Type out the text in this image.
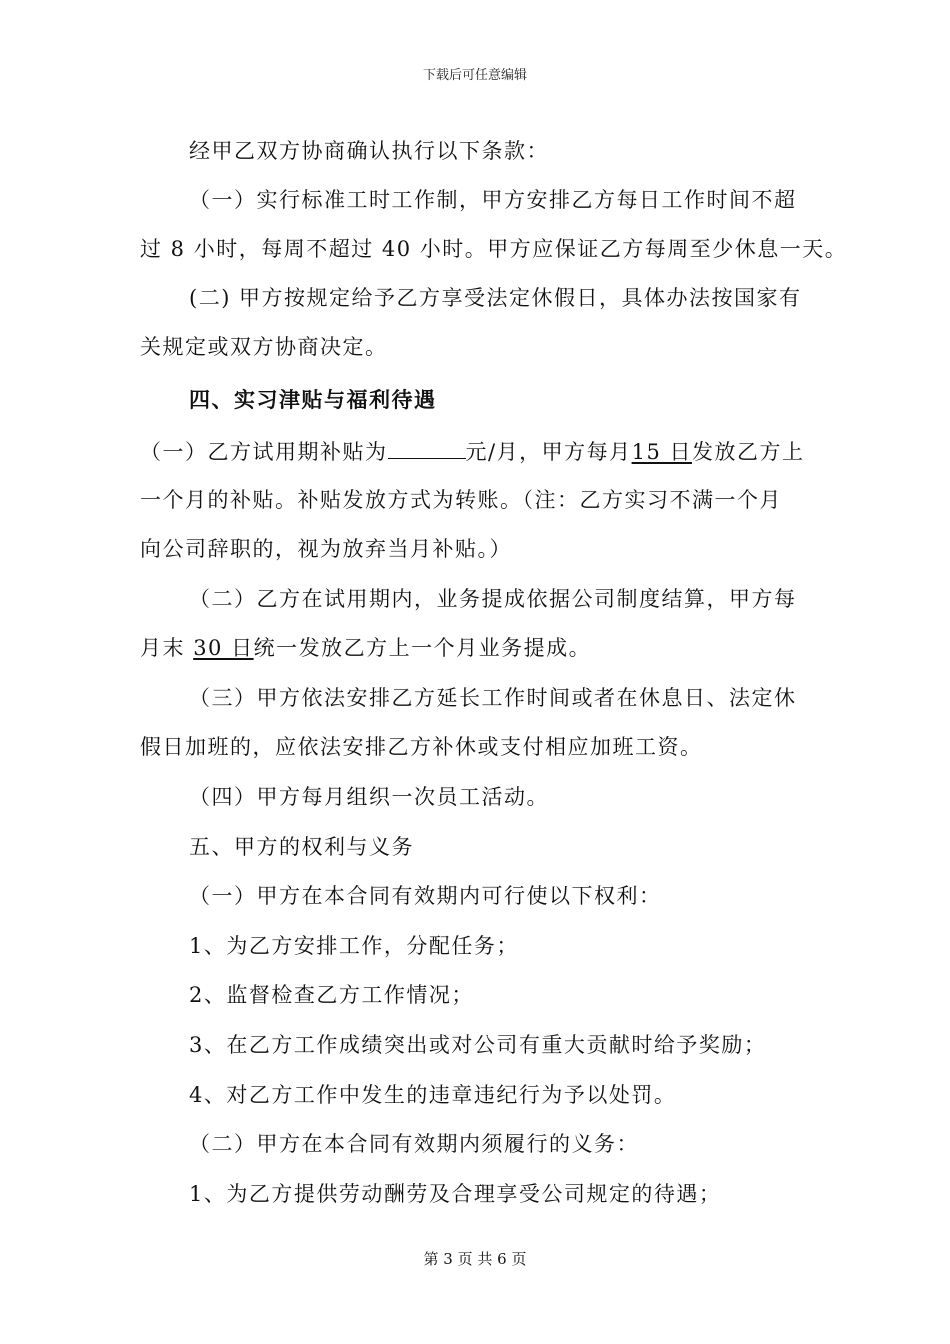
下载后可任意编辑
经甲乙双方协商确认执行以下条款：
（一）实行标准工时工作制，甲方安排乙方每日工作时间不超
过 8 小时，每周不超过 40 小时。甲方应保证乙方每周至少休息一天。
(二) 甲方按规定给予乙方享受法定休假日，具体办法按国家有
关规定或双方协商决定。
四、实习津贴与福利待遇
（一）乙方试用期补贴为	元/月，甲方每月15 日发放乙方上
一个月的补贴。补贴发放方式为转账。（注：乙方实习不满一个月
向公司辞职的，视为放弃当月补贴。）
（二）乙方在试用期内，业务提成依据公司制度结算，甲方每
月末 30 日统一发放乙方上一个月业务提成。
（三）甲方依法安排乙方延长工作时间或者在休息日、法定休
假日加班的，应依法安排乙方补休或支付相应加班工资。
（四）甲方每月组织一次员工活动。
五、甲方的权利与义务
（一）甲方在本合同有效期内可行使以下权利：
1、为乙方安排工作，分配任务；
2、监督检查乙方工作情况；
3、在乙方工作成绩突出或对公司有重大贡献时给予奖励；
4、对乙方工作中发生的违章违纪行为予以处罚。
（二）甲方在本合同有效期内须履行的义务：
1、为乙方提供劳动酬劳及合理享受公司规定的待遇；
第 3 页 共 6 页
